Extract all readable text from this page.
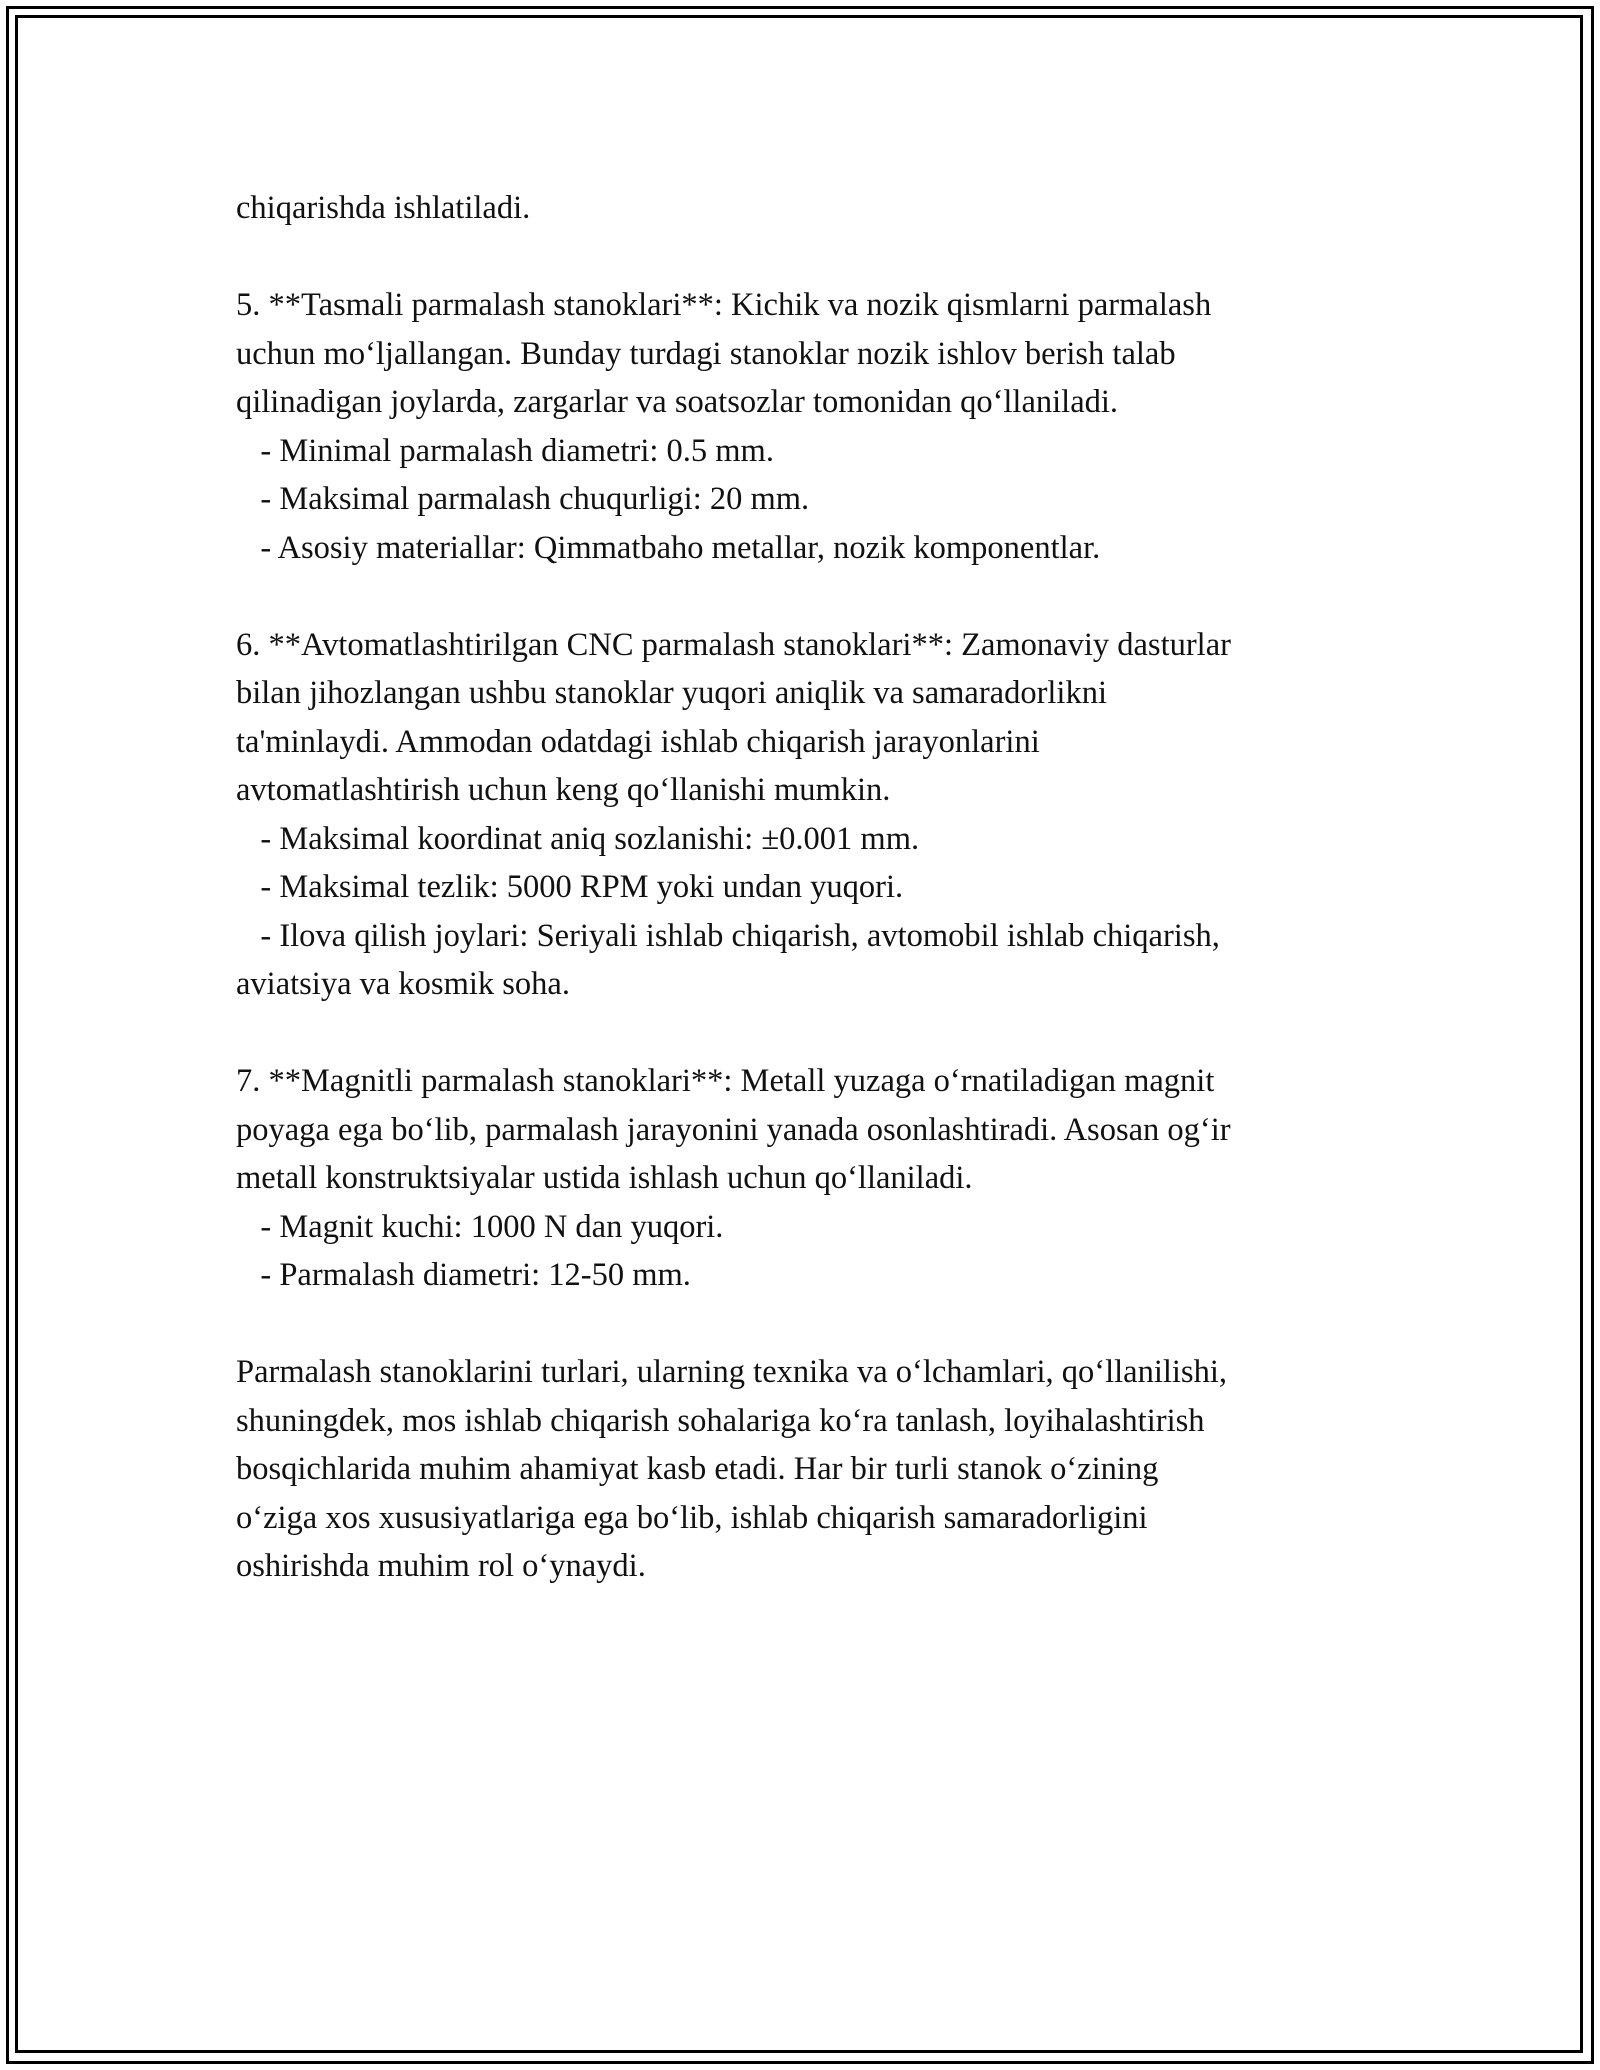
chiqarishda ishlatiladi.

5. **Tasmali parmalash stanoklari**: Kichik va nozik qismlarni parmalash

uchun mo‘ljallangan. Bunday turdagi stanoklar nozik ishlov berish talab

qilinadigan joylarda, zargarlar va soatsozlar tomonidan qo‘llaniladi.

- Minimal parmalash diametri: 0.5 mm.

- Maksimal parmalash chuqurligi: 20 mm.

- Asosiy materiallar: Qimmatbaho metallar, nozik komponentlar.

6. **Avtomatlashtirilgan CNC parmalash stanoklari**: Zamonaviy dasturlar

bilan jihozlangan ushbu stanoklar yuqori aniqlik va samaradorlikni

ta'minlaydi. Ammodan odatdagi ishlab chiqarish jarayonlarini

avtomatlashtirish uchun keng qo‘llanishi mumkin.

- Maksimal koordinat aniq sozlanishi: ±0.001 mm.

- Maksimal tezlik: 5000 RPM yoki undan yuqori.

- Ilova qilish joylari: Seriyali ishlab chiqarish, avtomobil ishlab chiqarish,

aviatsiya va kosmik soha.

7. **Magnitli parmalash stanoklari**: Metall yuzaga o‘rnatiladigan magnit

poyaga ega bo‘lib, parmalash jarayonini yanada osonlashtiradi. Asosan og‘ir

metall konstruktsiyalar ustida ishlash uchun qo‘llaniladi.

- Magnit kuchi: 1000 N dan yuqori.

- Parmalash diametri: 12-50 mm.

Parmalash stanoklarini turlari, ularning texnika va o‘lchamlari, qo‘llanilishi,

shuningdek, mos ishlab chiqarish sohalariga ko‘ra tanlash, loyihalashtirish

bosqichlarida muhim ahamiyat kasb etadi. Har bir turli stanok o‘zining

o‘ziga xos xususiyatlariga ega bo‘lib, ishlab chiqarish samaradorligini

oshirishda muhim rol o‘ynaydi.
